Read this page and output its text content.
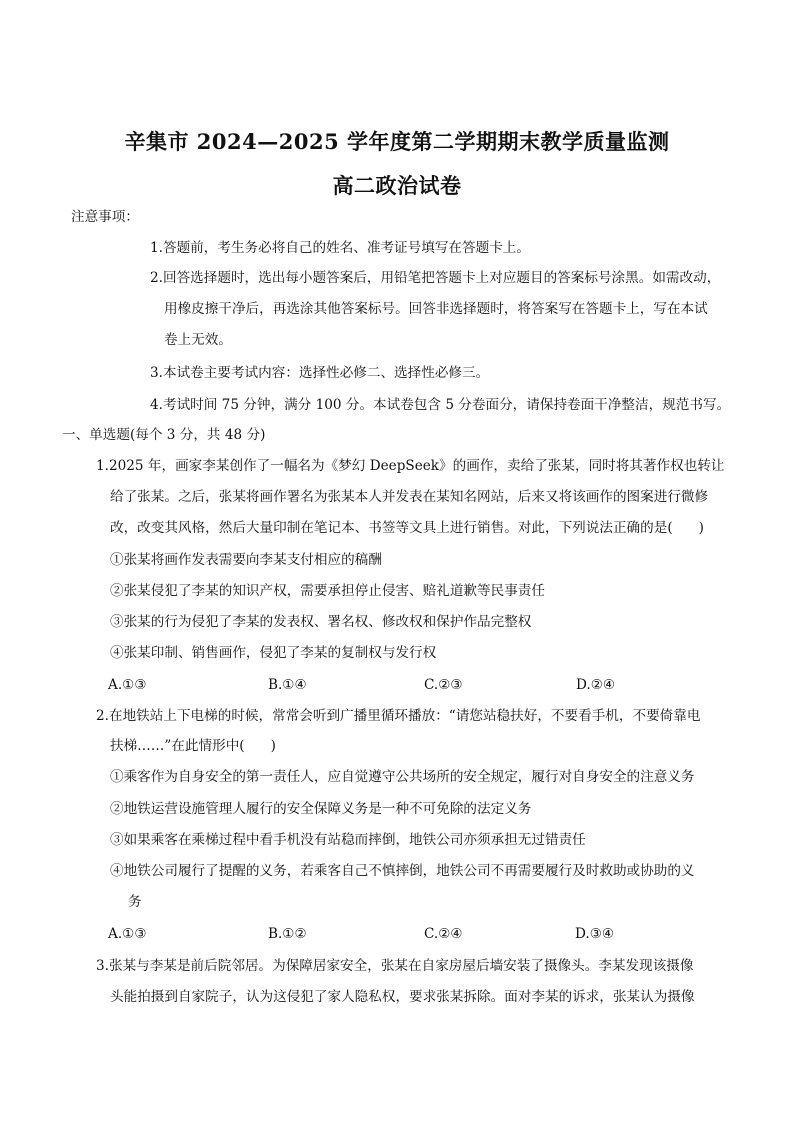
辛集市 2024—2025 学年度第二学期期末教学质量监测
高二政治试卷
注意事项：
1.答题前，考生务必将自己的姓名、准考证号填写在答题卡上。
2.回答选择题时，选出每小题答案后，用铅笔把答题卡上对应题目的答案标号涂黑。如需改动，
用橡皮擦干净后，再选涂其他答案标号。回答非选择题时，将答案写在答题卡上，写在本试
卷上无效。
3.本试卷主要考试内容：选择性必修二、选择性必修三。
4.考试时间 75 分钟，满分 100 分。本试卷包含 5 分卷面分，请保持卷面干净整洁，规范书写。
一、单选题(每个 3 分，共 48 分)
1.2025 年，画家李某创作了一幅名为《梦幻 DeepSeek》的画作，卖给了张某，同时将其著作权也转让
给了张某。之后，张某将画作署名为张某本人并发表在某知名网站，后来又将该画作的图案进行微修
改，改变其风格，然后大量印制在笔记本、书签等文具上进行销售。对此，下列说法正确的是( )
①张某将画作发表需要向李某支付相应的稿酬
②张某侵犯了李某的知识产权，需要承担停止侵害、赔礼道歉等民事责任
③张某的行为侵犯了李某的发表权、署名权、修改权和保护作品完整权
④张某印制、销售画作，侵犯了李某的复制权与发行权
A.①③	B.①④	C.②③	D.②④
2.在地铁站上下电梯的时候，常常会听到广播里循环播放：“请您站稳扶好，不要看手机，不要倚靠电
扶梯……”在此情形中( )
①乘客作为自身安全的第一责任人，应自觉遵守公共场所的安全规定，履行对自身安全的注意义务
②地铁运营设施管理人履行的安全保障义务是一种不可免除的法定义务
③如果乘客在乘梯过程中看手机没有站稳而摔倒，地铁公司亦须承担无过错责任
④地铁公司履行了提醒的义务，若乘客自己不慎摔倒，地铁公司不再需要履行及时救助或协助的义
务
A.①③	B.①②	C.②④	D.③④
3.张某与李某是前后院邻居。为保障居家安全，张某在自家房屋后墙安装了摄像头。李某发现该摄像
头能拍摄到自家院子，认为这侵犯了家人隐私权，要求张某拆除。面对李某的诉求，张某认为摄像
